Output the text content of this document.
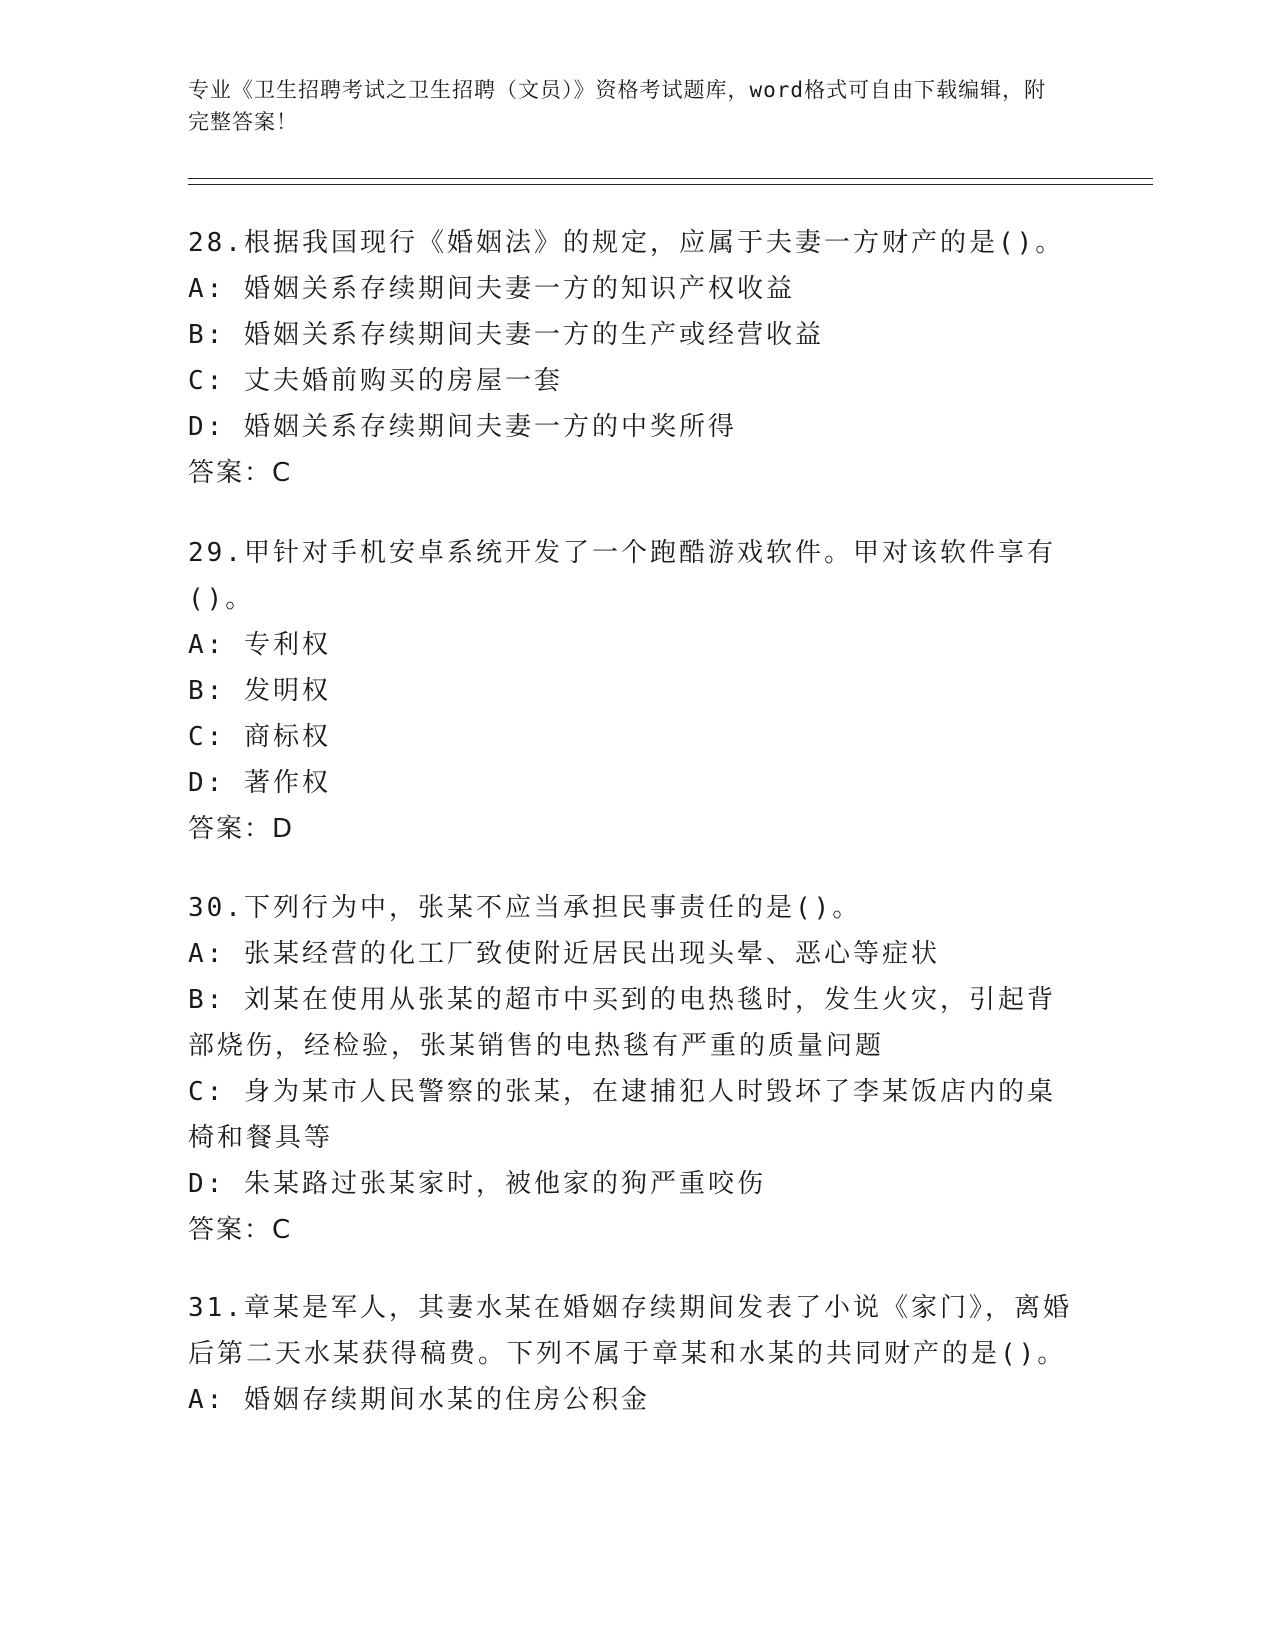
专业《卫生招聘考试之卫生招聘（文员）》资格考试题库，word格式可自由下载编辑，附完整答案！
28.根据我国现行《婚姻法》的规定，应属于夫妻一方财产的是()。
A: 婚姻关系存续期间夫妻一方的知识产权收益
B: 婚姻关系存续期间夫妻一方的生产或经营收益
C: 丈夫婚前购买的房屋一套
D: 婚姻关系存续期间夫妻一方的中奖所得
答案：C
29.甲针对手机安卓系统开发了一个跑酷游戏软件。甲对该软件享有()。
A: 专利权
B: 发明权
C: 商标权
D: 著作权
答案：D
30.下列行为中，张某不应当承担民事责任的是()。
A: 张某经营的化工厂致使附近居民出现头晕、恶心等症状
B: 刘某在使用从张某的超市中买到的电热毯时，发生火灾，引起背部烧伤，经检验，张某销售的电热毯有严重的质量问题
C: 身为某市人民警察的张某，在逮捕犯人时毁坏了李某饭店内的桌椅和餐具等
D: 朱某路过张某家时，被他家的狗严重咬伤
答案：C
31.章某是军人，其妻水某在婚姻存续期间发表了小说《家门》，离婚后第二天水某获得稿费。下列不属于章某和水某的共同财产的是()。
A: 婚姻存续期间水某的住房公积金
